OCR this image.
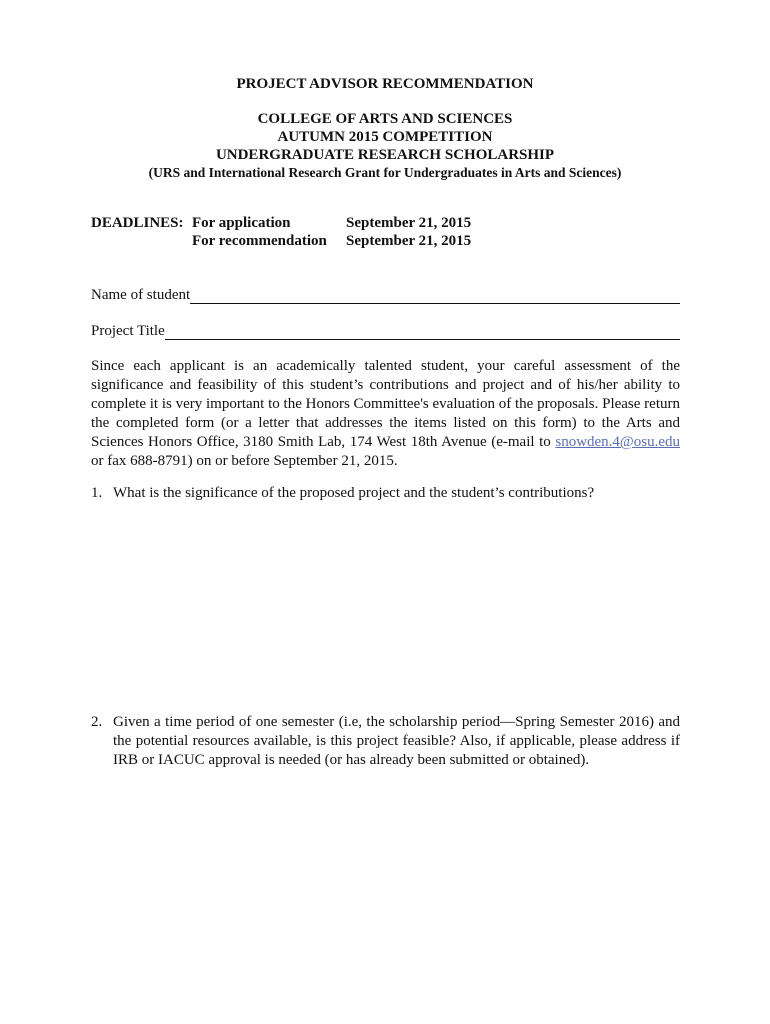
PROJECT ADVISOR RECOMMENDATION
COLLEGE OF ARTS AND SCIENCES
AUTUMN 2015 COMPETITION
UNDERGRADUATE RESEARCH SCHOLARSHIP
(URS and International Research Grant for Undergraduates in Arts and Sciences)
DEADLINES: For application	September 21, 2015
For recommendation September 21, 2015
Name of student
Project Title
Since each applicant is an academically talented student, your careful assessment of the significance and feasibility of this student’s contributions and project and of his/her ability to complete it is very important to the Honors Committee's evaluation of the proposals. Please return the completed form (or a letter that addresses the items listed on this form) to the Arts and Sciences Honors Office, 3180 Smith Lab, 174 West 18th Avenue (e-mail to snowden.4@osu.edu or fax 688-8791) on or before September 21, 2015.
1. What is the significance of the proposed project and the student’s contributions?
2. Given a time period of one semester (i.e, the scholarship period—Spring Semester 2016) and the potential resources available, is this project feasible? Also, if applicable, please address if IRB or IACUC approval is needed (or has already been submitted or obtained).
